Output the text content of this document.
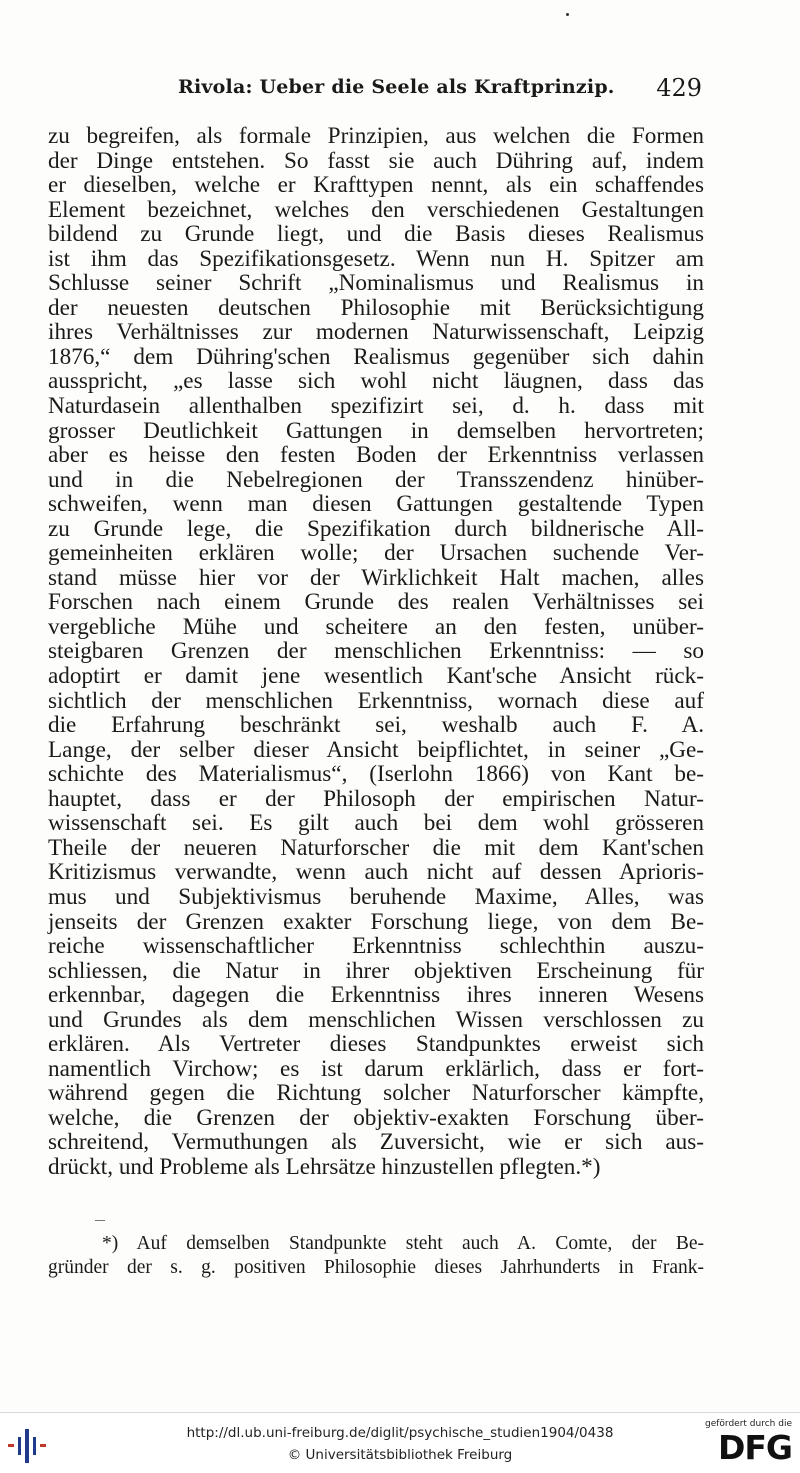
Rivola: Ueber die Seele als Kraftprinzip. 429
zu begreifen, als formale Prinzipien, aus welchen die Formen
der Dinge entstehen. So fasst sie auch Dühring auf, indem
er dieselben, welche er Krafttypen nennt, als ein schaffendes
Element bezeichnet, welches den verschiedenen Gestaltungen
bildend zu Grunde liegt, und die Basis dieses Realismus
ist ihm das Spezifikationsgesetz. Wenn nun H. Spitzer am
Schlusse seiner Schrift „Nominalismus und Realismus in
der neuesten deutschen Philosophie mit Berücksichtigung
ihres Verhältnisses zur modernen Naturwissenschaft, Leipzig
1876,“ dem Dühring'schen Realismus gegenüber sich dahin
ausspricht, „es lasse sich wohl nicht läugnen, dass das
Naturdasein allenthalben spezifizirt sei, d. h. dass mit
grosser Deutlichkeit Gattungen in demselben hervortreten;
aber es heisse den festen Boden der Erkenntniss verlassen
und in die Nebelregionen der Transszendenz hinüber-
schweifen, wenn man diesen Gattungen gestaltende Typen
zu Grunde lege, die Spezifikation durch bildnerische All-
gemeinheiten erklären wolle; der Ursachen suchende Ver-
stand müsse hier vor der Wirklichkeit Halt machen, alles
Forschen nach einem Grunde des realen Verhältnisses sei
vergebliche Mühe und scheitere an den festen, unüber-
steigbaren Grenzen der menschlichen Erkenntniss: — so
adoptirt er damit jene wesentlich Kant'sche Ansicht rück-
sichtlich der menschlichen Erkenntniss, wornach diese auf
die Erfahrung beschränkt sei, weshalb auch F. A.
Lange, der selber dieser Ansicht beipflichtet, in seiner „Ge-
schichte des Materialismus“, (Iserlohn 1866) von Kant be-
hauptet, dass er der Philosoph der empirischen Natur-
wissenschaft sei. Es gilt auch bei dem wohl grösseren
Theile der neueren Naturforscher die mit dem Kant'schen
Kritizismus verwandte, wenn auch nicht auf dessen Aprioris-
mus und Subjektivismus beruhende Maxime, Alles, was
jenseits der Grenzen exakter Forschung liege, von dem Be-
reiche wissenschaftlicher Erkenntniss schlechthin auszu-
schliessen, die Natur in ihrer objektiven Erscheinung für
erkennbar, dagegen die Erkenntniss ihres inneren Wesens
und Grundes als dem menschlichen Wissen verschlossen zu
erklären. Als Vertreter dieses Standpunktes erweist sich
namentlich Virchow; es ist darum erklärlich, dass er fort-
während gegen die Richtung solcher Naturforscher kämpfte,
welche, die Grenzen der objektiv-exakten Forschung über-
schreitend, Vermuthungen als Zuversicht, wie er sich aus-
drückt, und Probleme als Lehrsätze hinzustellen pflegten.*)
*) Auf demselben Standpunkte steht auch A. Comte, der Be-
gründer der s. g. positiven Philosophie dieses Jahrhunderts in Frank-
http://dl.ub.uni-freiburg.de/diglit/psychische_studien1904/0438
© Universitätsbibliothek Freiburg
gefördert durch die
DFG
